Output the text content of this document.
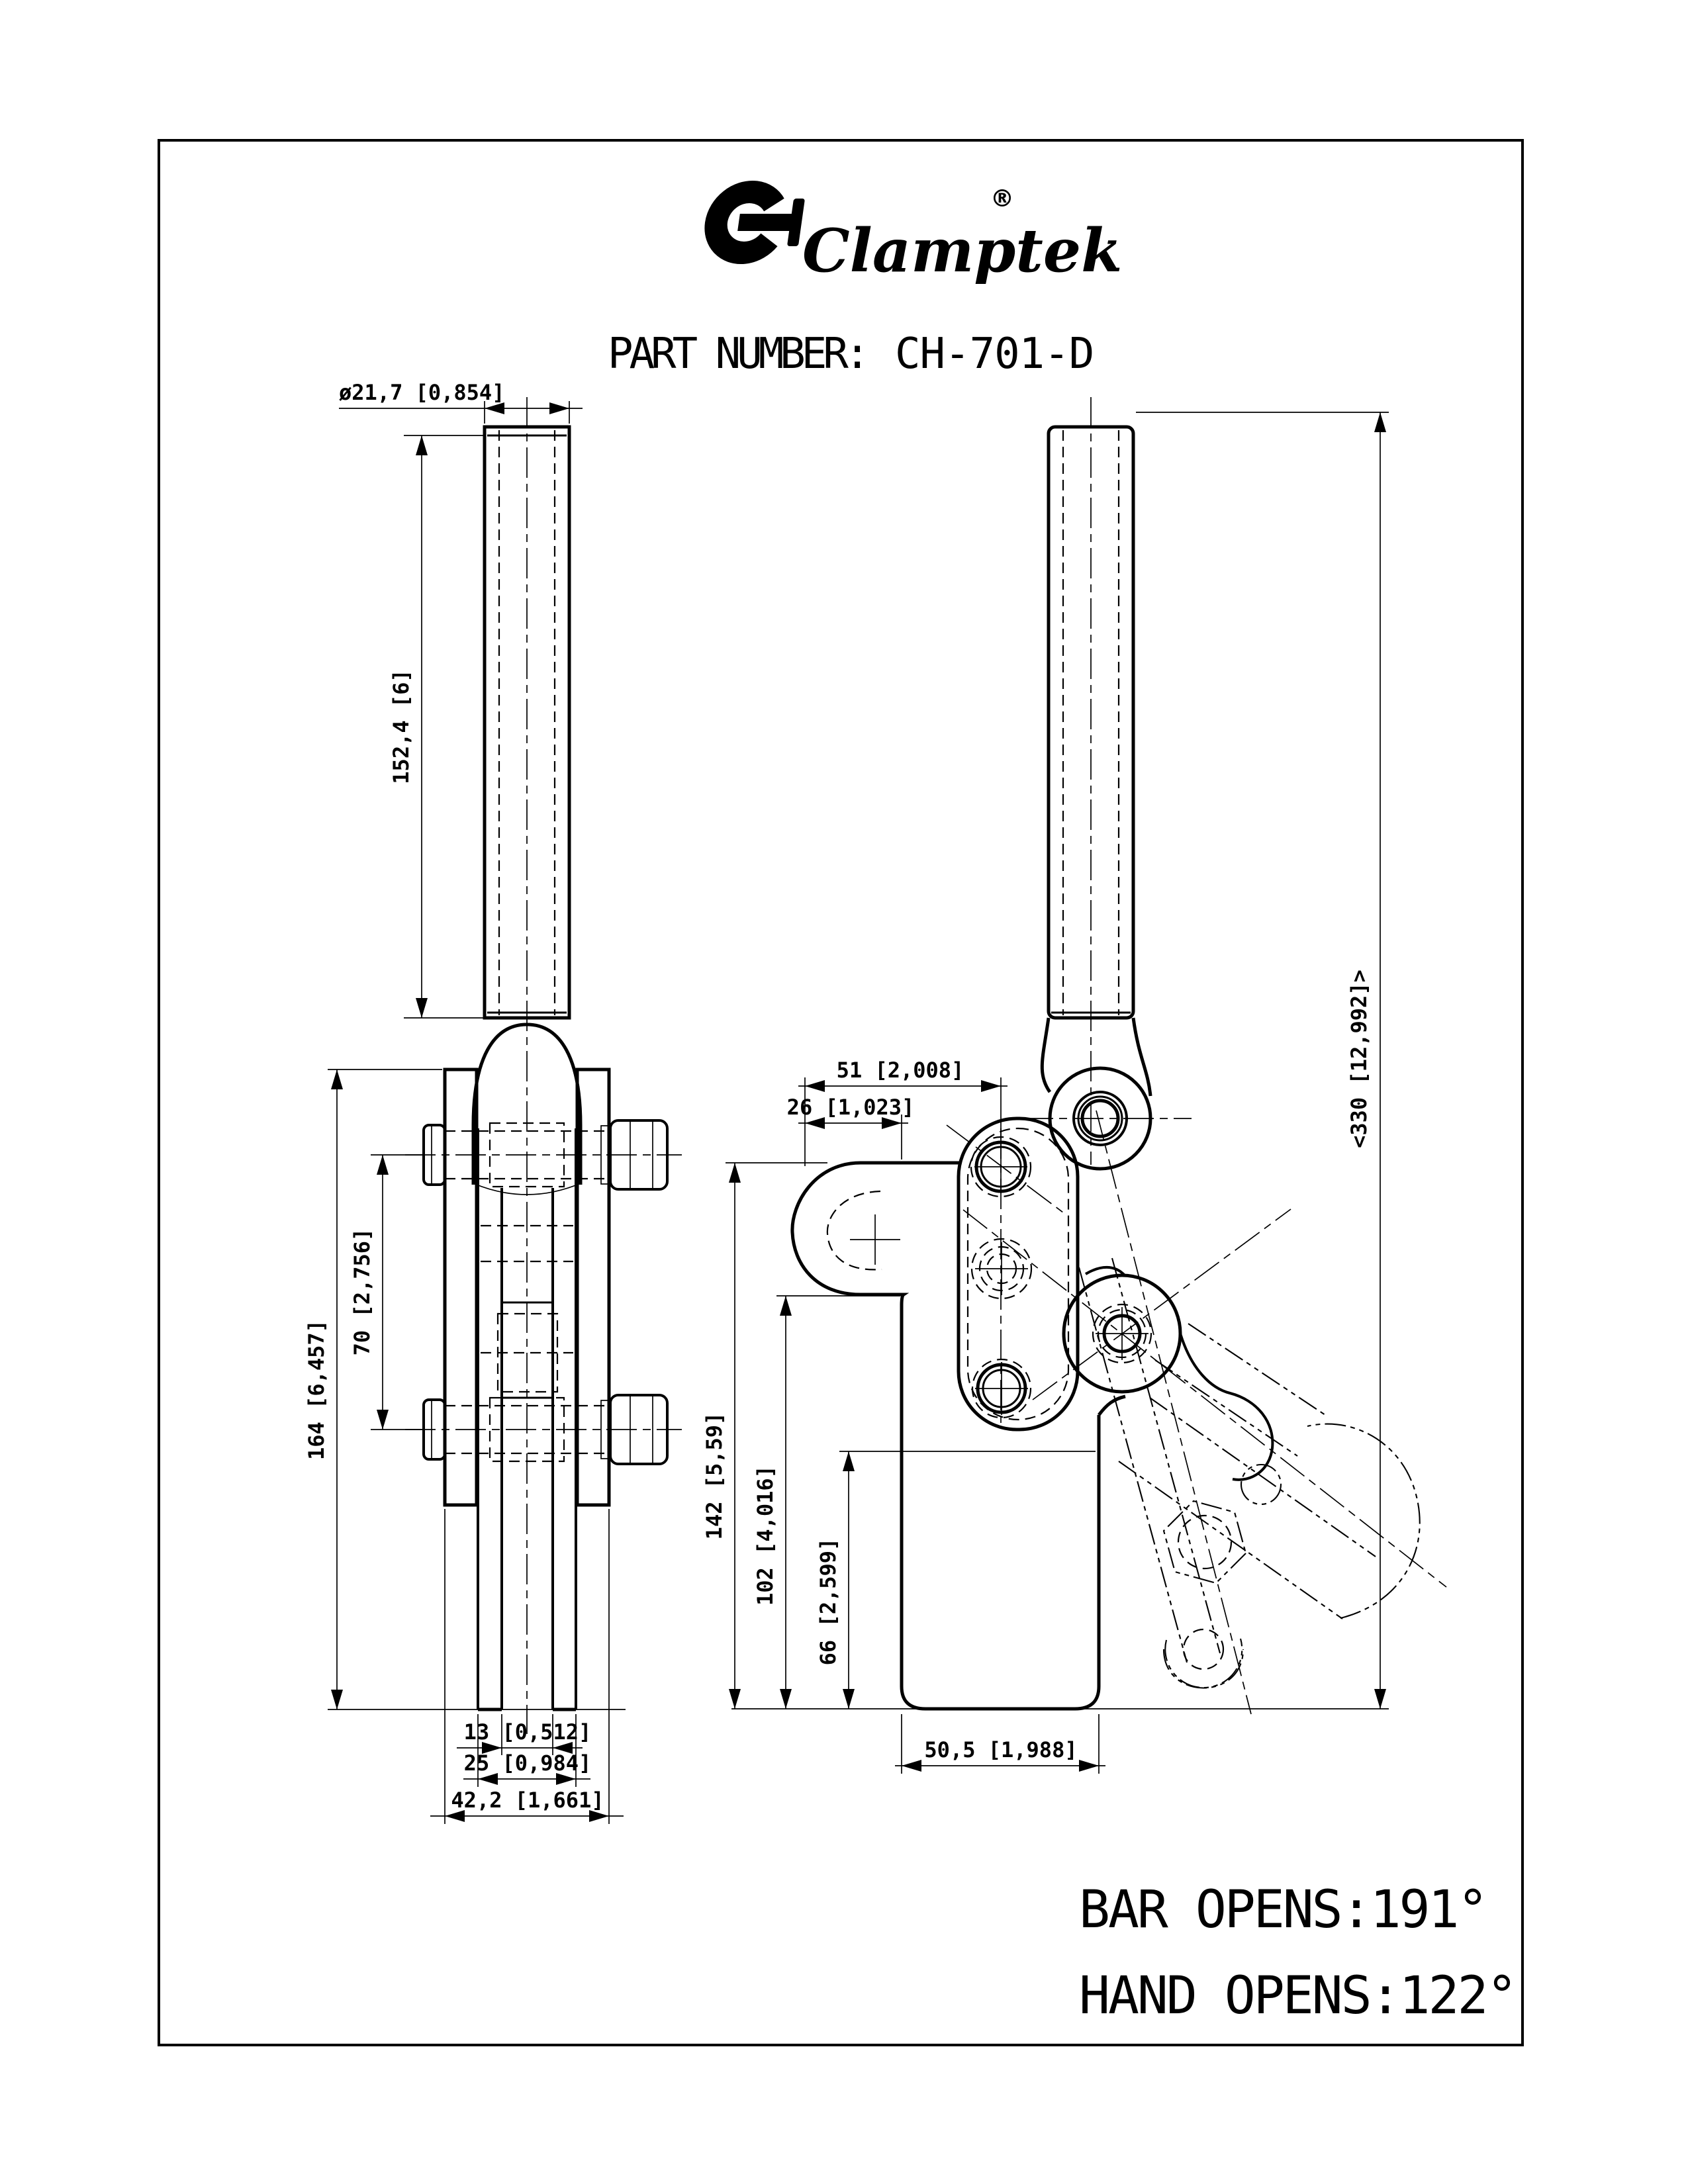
Clamptek
®
PART NUMBER: CH-701-D
ø21,7 [0,854]
152,4 [6]
164 [6,457]
70 [2,756]
13 [0,512]
25 [0,984]
42,2 [1,661]
51 [2,008]
26 [1,023]
142 [5,59] 102 [4,016] 66 [2,599]
<330 [12,992]>
50,5 [1,988]
BAR OPENS:191°
HAND OPENS:122°
